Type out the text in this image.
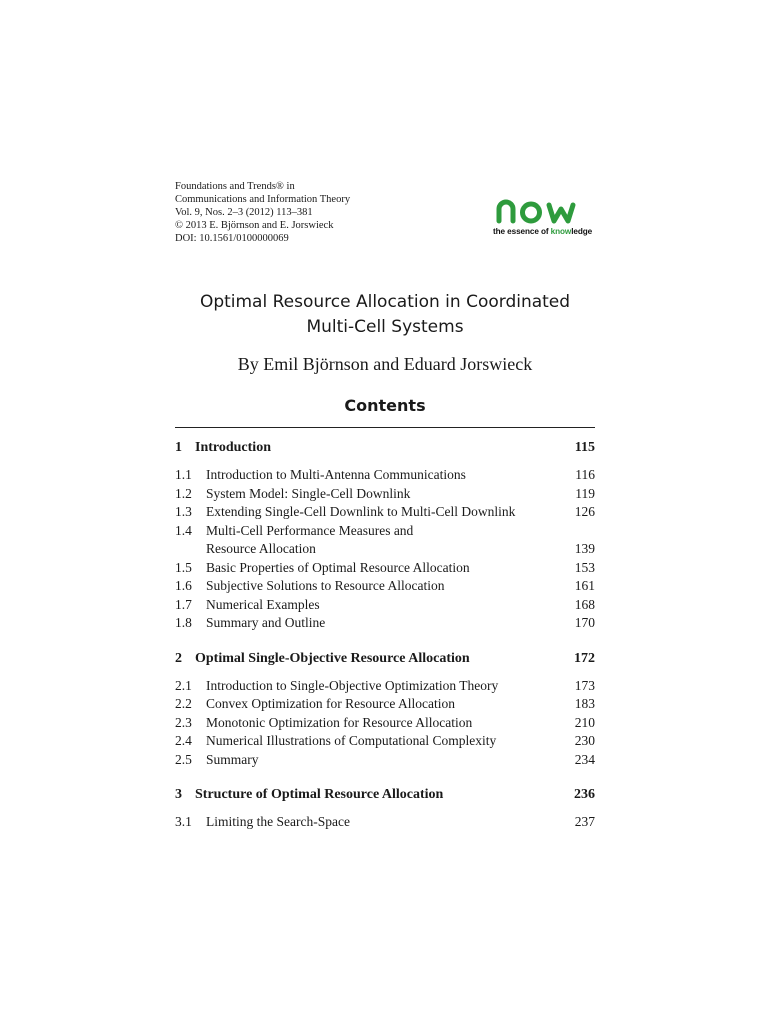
Foundations and Trends® in
Communications and Information Theory
Vol. 9, Nos. 2–3 (2012) 113–381
© 2013 E. Björnson and E. Jorswieck
DOI: 10.1561/0100000069
the essence of knowledge
Optimal Resource Allocation in Coordinated
Multi-Cell Systems
By Emil Björnson and Eduard Jorswieck
Contents
1 Introduction	115
1.1	Introduction to Multi-Antenna Communications	116
1.2	System Model: Single-Cell Downlink	119
1.3	Extending Single-Cell Downlink to Multi-Cell Downlink	126
1.4	Multi-Cell Performance Measures and
Resource Allocation	139
1.5	Basic Properties of Optimal Resource Allocation	153
1.6	Subjective Solutions to Resource Allocation	161
1.7	Numerical Examples	168
1.8	Summary and Outline	170
2 Optimal Single-Objective Resource Allocation	172
2.1	Introduction to Single-Objective Optimization Theory	173
2.2	Convex Optimization for Resource Allocation	183
2.3	Monotonic Optimization for Resource Allocation	210
2.4	Numerical Illustrations of Computational Complexity	230
2.5	Summary	234
3 Structure of Optimal Resource Allocation	236
3.1	Limiting the Search-Space	237
